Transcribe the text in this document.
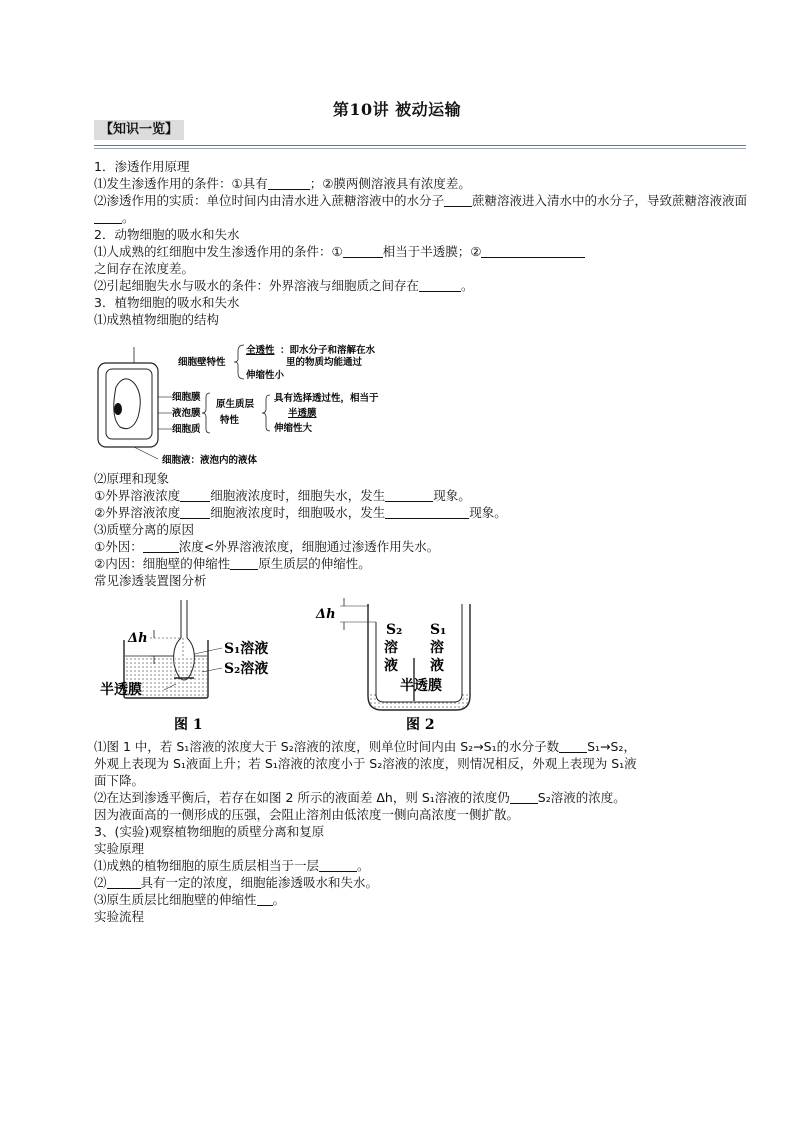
第10讲 被动运输
【知识一览】
1．渗透作用原理
⑴发生渗透作用的条件：①具有	；②膜两侧溶液具有浓度差。
⑵渗透作用的实质：单位时间内由清水进入蔗糖溶液中的水分子 蔗糖溶液进入清水中的水分子，导致蔗糖溶液液面
。
2．动物细胞的吸水和失水
⑴人成熟的红细胞中发生渗透作用的条件：①	相当于半透膜；②
之间存在浓度差。
⑵引起细胞失水与吸水的条件：外界溶液与细胞质之间存在	。
3．植物细胞的吸水和失水
⑴成熟植物细胞的结构
细胞壁特性
全透性 ：即水分子和溶解在水
里的物质均能通过
伸缩性小
细胞膜
液泡膜
细胞质
原生质层
特性
具有选择透过性，相当于
半透膜
伸缩性大
细胞液：液泡内的液体
⑵原理和现象
①外界溶液浓度 细胞液浓度时，细胞失水，发生	现象。
②外界溶液浓度 细胞液浓度时，细胞吸水，发生	现象。
⑶质壁分离的原因
①外因：	浓度<外界溶液浓度，细胞通过渗透作用失水。
②内因：细胞壁的伸缩性 原生质层的伸缩性。
常见渗透装置图分析
Δh
S₁溶液
S₂溶液
半透膜
图 1
Δh
S₂
溶
液
S₁
溶
液
半透膜
图 2
⑴图 1 中，若 S₁溶液的浓度大于 S₂溶液的浓度，则单位时间内由 S₂→S₁的水分子数 S₁→S₂，
外观上表现为 S₁液面上升；若 S₁溶液的浓度小于 S₂溶液的浓度，则情况相反，外观上表现为 S₁液
面下降。
⑵在达到渗透平衡后，若存在如图 2 所示的液面差 Δh，则 S₁溶液的浓度仍 S₂溶液的浓度。
因为液面高的一侧形成的压强，会阻止溶剂由低浓度一侧向高浓度一侧扩散。
3、(实验)观察植物细胞的质壁分离和复原
实验原理
⑴成熟的植物细胞的原生质层相当于一层	。
⑵	具有一定的浓度，细胞能渗透吸水和失水。
⑶原生质层比细胞壁的伸缩性 。
实验流程
